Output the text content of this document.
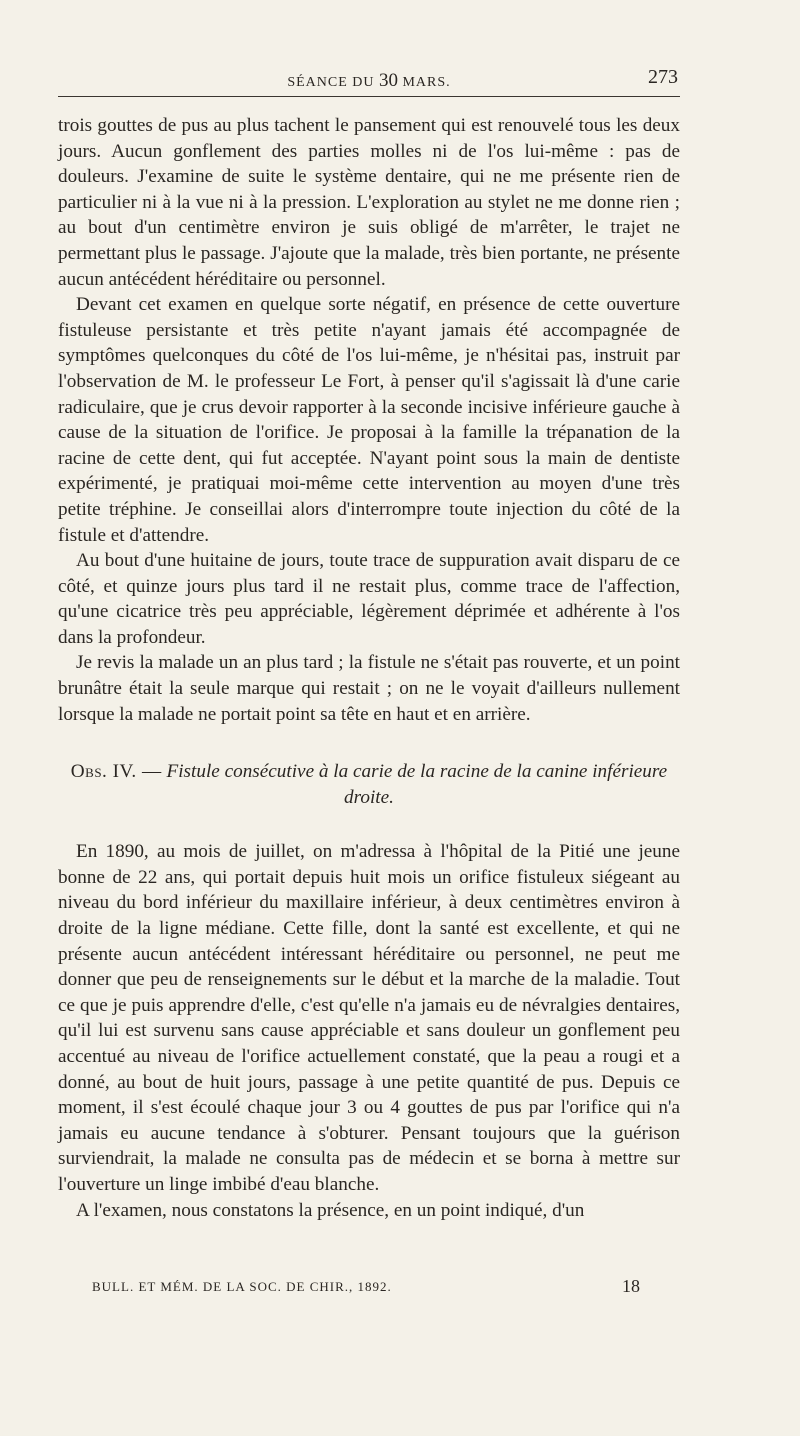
SÉANCE DU 30 MARS.	273

trois gouttes de pus au plus tachent le pansement qui est renouvelé tous les deux jours. Aucun gonflement des parties molles ni de l'os lui-même : pas de douleurs. J'examine de suite le système dentaire, qui ne me présente rien de particulier ni à la vue ni à la pression. L'exploration au stylet ne me donne rien ; au bout d'un centimètre environ je suis obligé de m'arrêter, le trajet ne permettant plus le passage. J'ajoute que la malade, très bien portante, ne présente aucun antécédent héréditaire ou personnel.

Devant cet examen en quelque sorte négatif, en présence de cette ouverture fistuleuse persistante et très petite n'ayant jamais été accompagnée de symptômes quelconques du côté de l'os lui-même, je n'hésitai pas, instruit par l'observation de M. le professeur Le Fort, à penser qu'il s'agissait là d'une carie radiculaire, que je crus devoir rapporter à la seconde incisive inférieure gauche à cause de la situation de l'orifice. Je proposai à la famille la trépanation de la racine de cette dent, qui fut acceptée. N'ayant point sous la main de dentiste expérimenté, je pratiquai moi-même cette intervention au moyen d'une très petite tréphine. Je conseillai alors d'interrompre toute injection du côté de la fistule et d'attendre.

Au bout d'une huitaine de jours, toute trace de suppuration avait disparu de ce côté, et quinze jours plus tard il ne restait plus, comme trace de l'affection, qu'une cicatrice très peu appréciable, légèrement déprimée et adhérente à l'os dans la profondeur.

Je revis la malade un an plus tard ; la fistule ne s'était pas rouverte, et un point brunâtre était la seule marque qui restait ; on ne le voyait d'ailleurs nullement lorsque la malade ne portait point sa tête en haut et en arrière.

Obs. IV. — Fistule consécutive à la carie de la racine de la canine inférieure droite.

En 1890, au mois de juillet, on m'adressa à l'hôpital de la Pitié une jeune bonne de 22 ans, qui portait depuis huit mois un orifice fistuleux siégeant au niveau du bord inférieur du maxillaire inférieur, à deux centimètres environ à droite de la ligne médiane. Cette fille, dont la santé est excellente, et qui ne présente aucun antécédent intéressant héréditaire ou personnel, ne peut me donner que peu de renseignements sur le début et la marche de la maladie. Tout ce que je puis apprendre d'elle, c'est qu'elle n'a jamais eu de névralgies dentaires, qu'il lui est survenu sans cause appréciable et sans douleur un gonflement peu accentué au niveau de l'orifice actuellement constaté, que la peau a rougi et a donné, au bout de huit jours, passage à une petite quantité de pus. Depuis ce moment, il s'est écoulé chaque jour 3 ou 4 gouttes de pus par l'orifice qui n'a jamais eu aucune tendance à s'obturer. Pensant toujours que la guérison surviendrait, la malade ne consulta pas de médecin et se borna à mettre sur l'ouverture un linge imbibé d'eau blanche.

A l'examen, nous constatons la présence, en un point indiqué, d'un

BULL. ET MÉM. DE LA SOC. DE CHIR., 1892.	18
